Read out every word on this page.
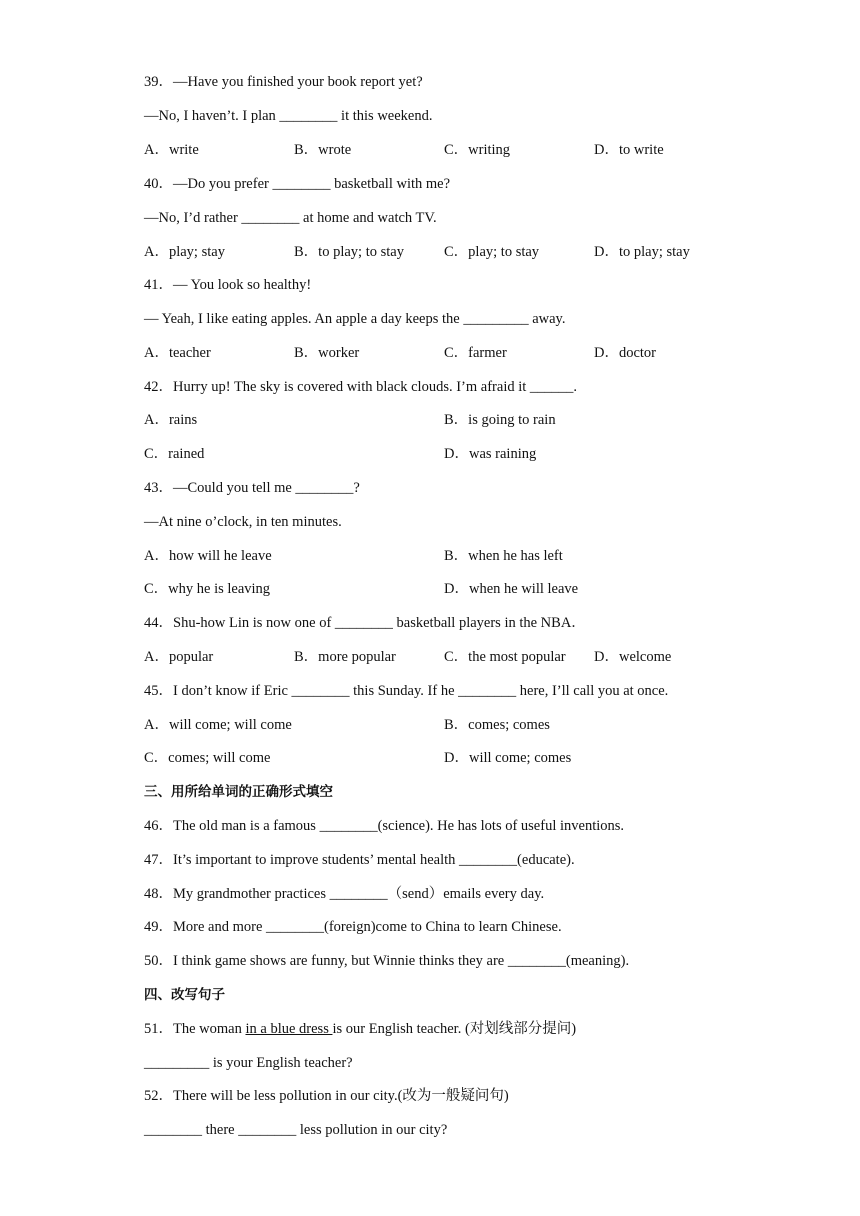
39．—Have you finished your book report yet?
—No, I haven’t. I plan ________ it this weekend.

A．write

	B．wrote

	C．writing

	D．to write

40．—Do you prefer ________ basketball with me?
—No, I’d rather ________ at home and watch TV.

A．play; stay

	B．to play; to stay

	C．play; to stay

	D．to play; stay

41．— You look so healthy!
— Yeah, I like eating apples. An apple a day keeps the _________ away.

A．teacher

	B．worker

	C．farmer

	D．doctor

42．Hurry up! The sky is covered with black clouds. I’m afraid it ______.

A．rains

	B．is going to rain

C．rained

	D．was raining

43．—Could you tell me ________?
—At nine o’clock, in ten minutes.

A．how will he leave

	B．when he has left

C．why he is leaving

	D．when he will leave

44．Shu-how Lin is now one of ________ basketball players in the NBA．

A．popular

	B．more popular

	C．the most popular

D．welcome

45．I don’t know if Eric ________ this Sunday. If he ________ here, I’ll call you at once.

A．will come; will come

	B．comes; comes

C．comes; will come

	D．will come; comes

三、用所给单词的正确形式填空
46．The old man is a famous ________(science). He has lots of useful inventions.
47．It’s important to improve students’ mental health ________(educate).
48．My grandmother practices ________（send）emails every day.
49．More and more ________(foreign)come to China to learn Chinese.
50．I think game shows are funny, but Winnie thinks they are ________(meaning).
四、改写句子
51．The woman in a blue dress is our English teacher. (对划线部分提问)
_________ is your English teacher?
52．There will be less pollution in our city.(改为一般疑问句)
________ there ________ less pollution in our city?
